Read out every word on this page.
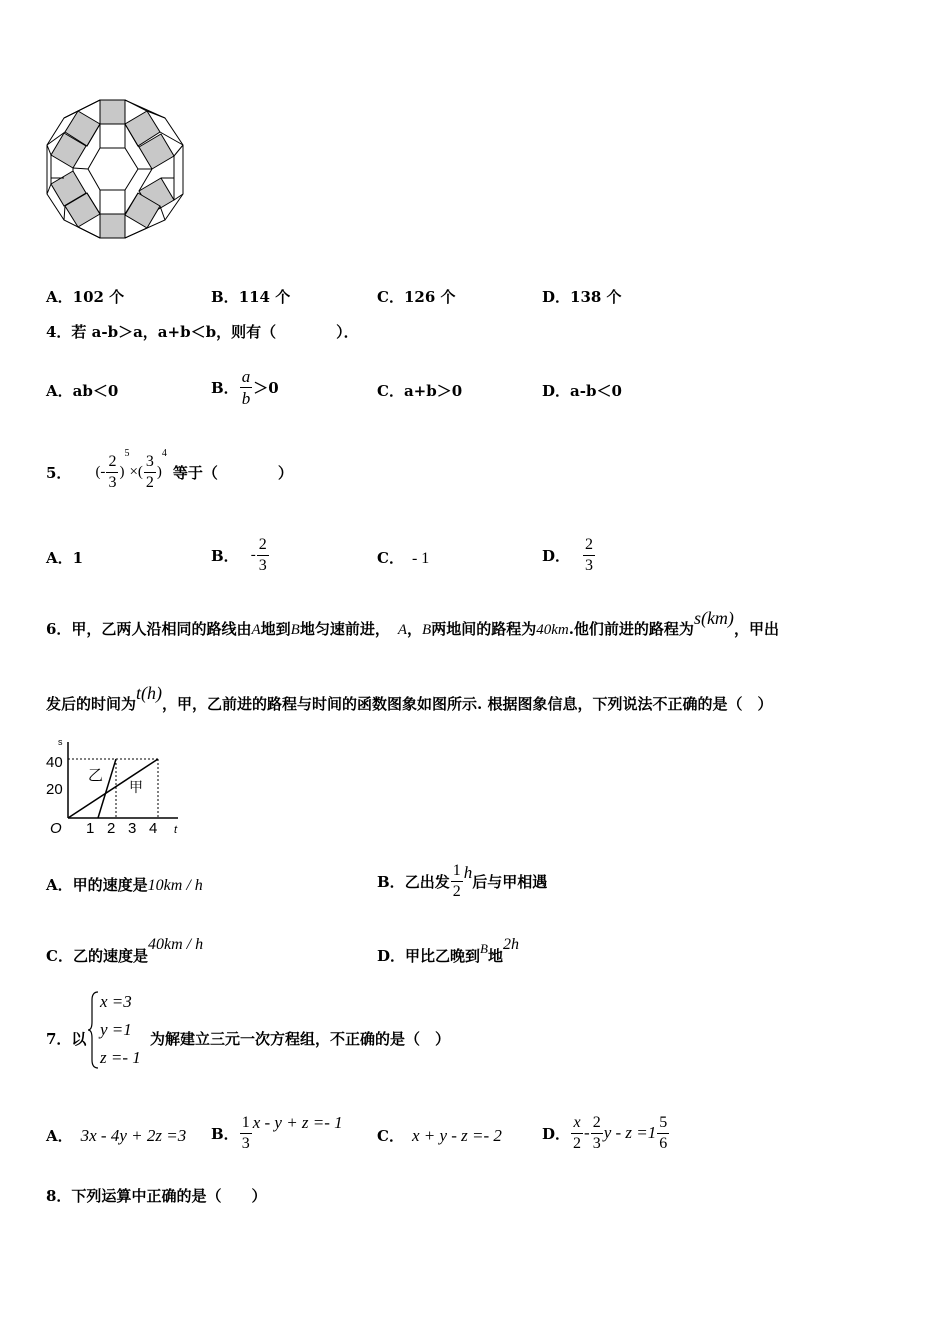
A．102 个	B．114 个	C．126 个	D．138 个
4．若 a-b＞a，a+b＜b，则有（　　　　）．
A．ab＜0	B． $\frac{a}{b} >0$	C．a+b＞0	D．a-b＜0
5． (- $\frac{2}{3}$ )
5
×( $\frac{3}{2}$ )
4
等于（　　　　）
A．1	B． - $\frac{2}{3}$	C． - 1	D． $\frac{2}{3}$
6．甲，乙两人沿相同的路线由A地到B地匀速前进， A，B两地间的路程为40km.他们前进的路程为s(km)，甲出
发后的时间为t(h)，甲，乙前进的路程与时间的函数图象如图所示. 根据图象信息，下列说法不正确的是（　）
s
40
20
O 1 2 3 4 t
乙
甲
A．甲的速度是10km / h	B． 乙出发 $\frac{1}{2}$ h 后与甲相遇
C．乙的速度是40km / h
D．甲比乙晚到B地2h
7．以
x =3
y =1
z =- 1
为解建立三元一次方程组，不正确的是（　）
A． 3x - 4y + 2z =3 B． $\frac{1}{3}$ x - y + z =- 1
C． x + y - z =- 2	D． $\frac{x}{2} - \frac{2}{3}$ $y - z =1 \frac{5}{6}$
8．下列运算中正确的是（　　）
